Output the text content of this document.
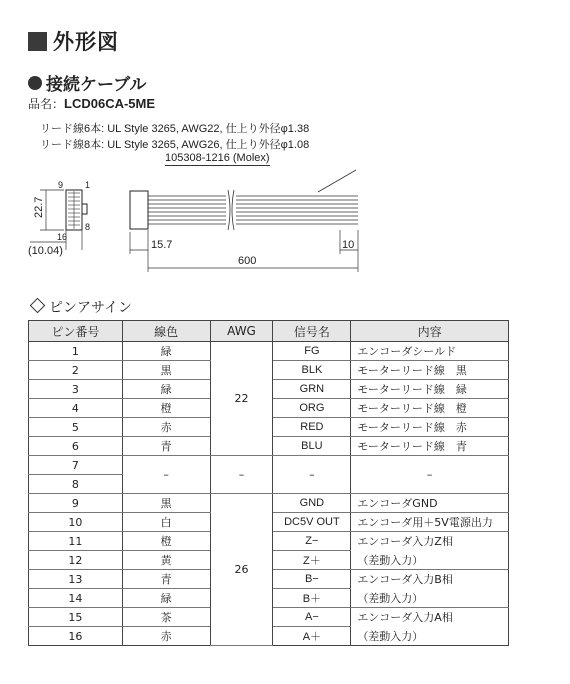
外形図
接続ケーブル
品名：LCD06CA-5ME
リード線6本: UL Style 3265, AWG22, 仕上り外径φ1.38
リード線8本: UL Style 3265, AWG26, 仕上り外径φ1.08
105308-1216 (Molex)
9 1
16
8
22.7
(10.04)	15.7
600
10
ピンアサイン
ピン番号	線色	AWG	信号名	内容
1	緑	22	FG	エンコーダシールド
2	黒		BLK	モーターリード線　黒
3	緑		GRN	モーターリード線　緑
4	橙		ORG	モーターリード線　橙
5	赤		RED	モーターリード線　赤
6	青		BLU	モーターリード線　青
7	–	–	–	–
8				
9	黒	26	GND	エンコーダGND
10	白		DC5V OUT	エンコーダ用＋5V電源出力
11	橙		Z−	エンコーダ入力Z相
12	黄		Z＋	（差動入力）
13	青		B−	エンコーダ入力B相
14	緑		B＋	（差動入力）
15	茶		A−	エンコーダ入力A相
16	赤		A＋	（差動入力）
